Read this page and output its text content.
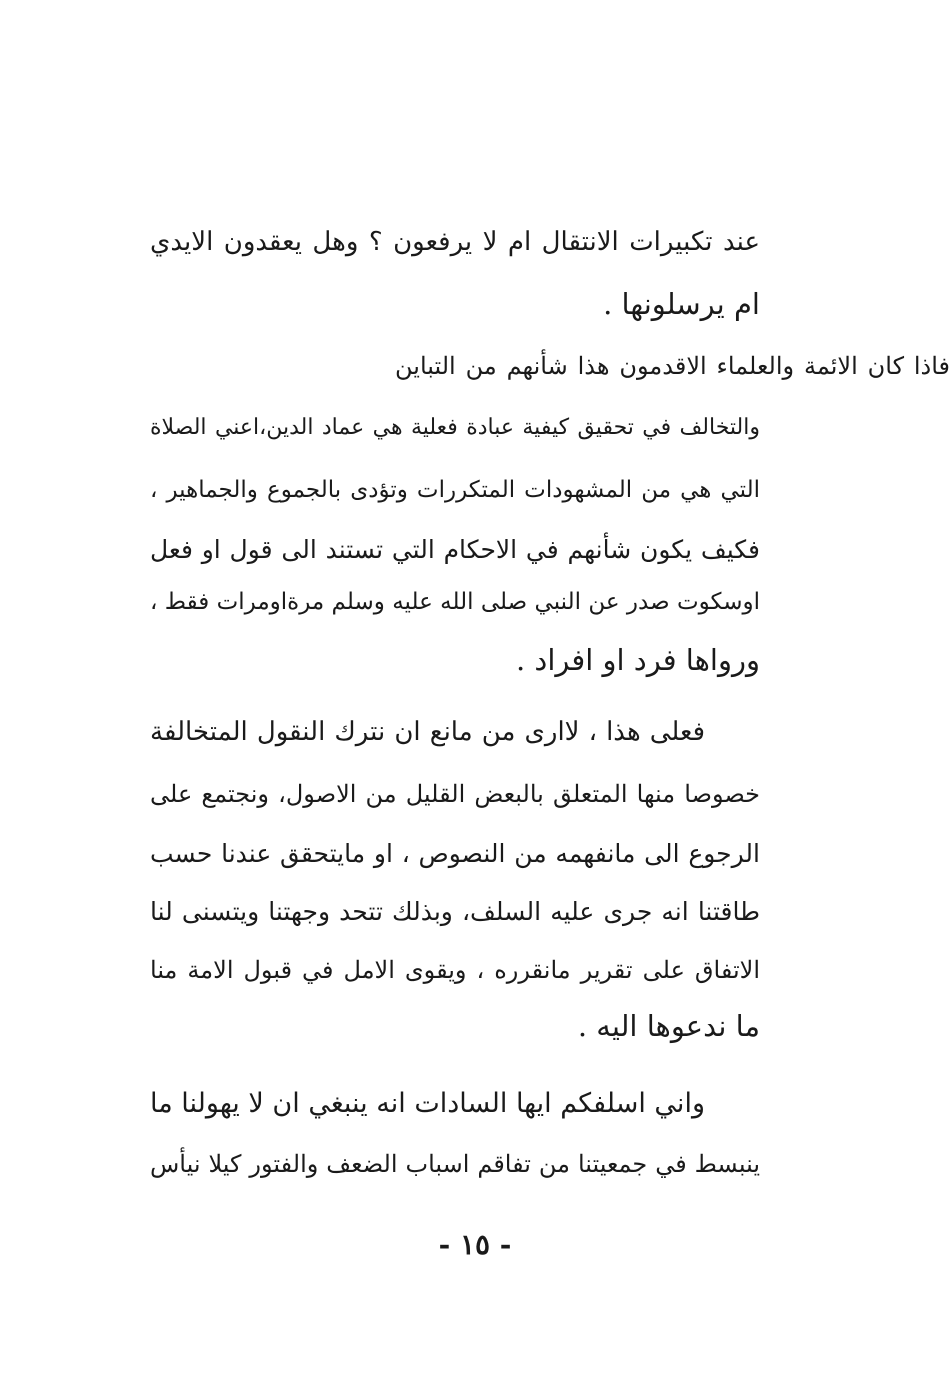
عند تكبيرات الانتقال ام لا يرفعون ؟ وهل يعقدون الايدي
ام يرسلونها .
فاذا كان الائمة والعلماء الاقدمون هذا شأنهم من التباين
والتخالف في تحقيق كيفية عبادة فعلية هي عماد الدين،اعني الصلاة
التي هي من المشهودات المتكررات وتؤدى بالجموع والجماهير ،
فكيف يكون شأنهم في الاحكام التي تستند الى قول او فعل
اوسكوت صدر عن النبي صلى الله عليه وسلم مرةاومرات فقط ،
ورواها فرد او افراد .
فعلى هذا ، لااری من مانع ان نترك النقول المتخالفة
خصوصا منها المتعلق بالبعض القليل من الاصول، ونجتمع على
الرجوع الى مانفهمه من النصوص ، او مايتحقق عندنا حسب
طاقتنا انه جرى عليه السلف، وبذلك تتحد وجهتنا ويتسنى لنا
الاتفاق على تقرير مانقرره ، ويقوى الامل في قبول الامة منا
ما ندعوها اليه .
واني اسلفكم ايها السادات انه ينبغي ان لا يهولنا ما
ينبسط في جمعيتنا من تفاقم اسباب الضعف والفتور كيلا نيأس
- ١٥ -
